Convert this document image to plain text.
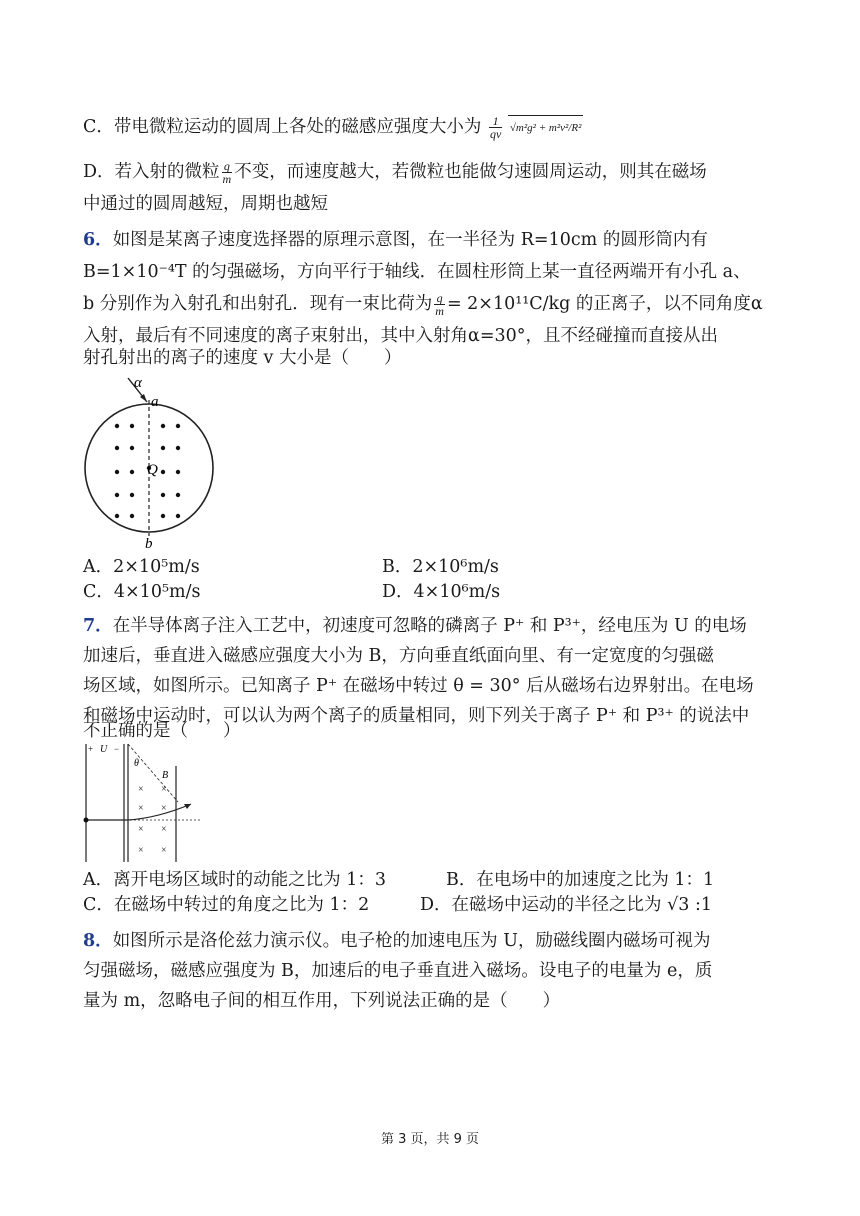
C．带电微粒运动的圆周上各处的磁感应强度大小为 $\frac{1}{qv} √m^2g^2 + m^2v^2/R^2$
D．若入射的微粒 $\frac{q}{m}$ 不变，而速度越大，若微粒也能做匀速圆周运动，则其在磁场
中通过的圆周越短，周期也越短
6．如图是某离子速度选择器的原理示意图，在一半径为 R=10cm 的圆形筒内有
B=1×10⁻⁴T 的匀强磁场，方向平行于轴线．在圆柱形筒上某一直径两端开有小孔 a、
b 分别作为入射孔和出射孔．现有一束比荷为 $\frac{q}{m} = 2\times 10^{11}C/kg$ 的正离子，以不同角度α
入射，最后有不同速度的离子束射出，其中入射角α=30°，且不经碰撞而直接从出
射孔射出的离子的速度 v 大小是（　　）
α
a
Q
b
A．2×10⁵m/s	B．2×10⁶m/s
C．4×10⁵m/s	D．4×10⁶m/s
7．在半导体离子注入工艺中，初速度可忽略的磷离子 P⁺ 和 P³⁺，经电压为 U 的电场
加速后，垂直进入磁感应强度大小为 B，方向垂直纸面向里、有一定宽度的匀强磁
场区域，如图所示。已知离子 P⁺ 在磁场中转过 θ = 30° 后从磁场右边界射出。在电场
和磁场中运动时，可以认为两个离子的质量相同，则下列关于离子 P⁺ 和 P³⁺ 的说法中
不正确的是（　　）
+ U −
θ
B
× ×
× ×
× ×
× ×
A．离开电场区域时的动能之比为 1：3	B．在电场中的加速度之比为 1：1
C．在磁场中转过的角度之比为 1：2	D．在磁场中运动的半径之比为 √3 :1
8．如图所示是洛伦兹力演示仪。电子枪的加速电压为 U，励磁线圈内磁场可视为
匀强磁场，磁感应强度为 B，加速后的电子垂直进入磁场。设电子的电量为 e，质
量为 m，忽略电子间的相互作用，下列说法正确的是（　　）
第 3 页，共 9 页
